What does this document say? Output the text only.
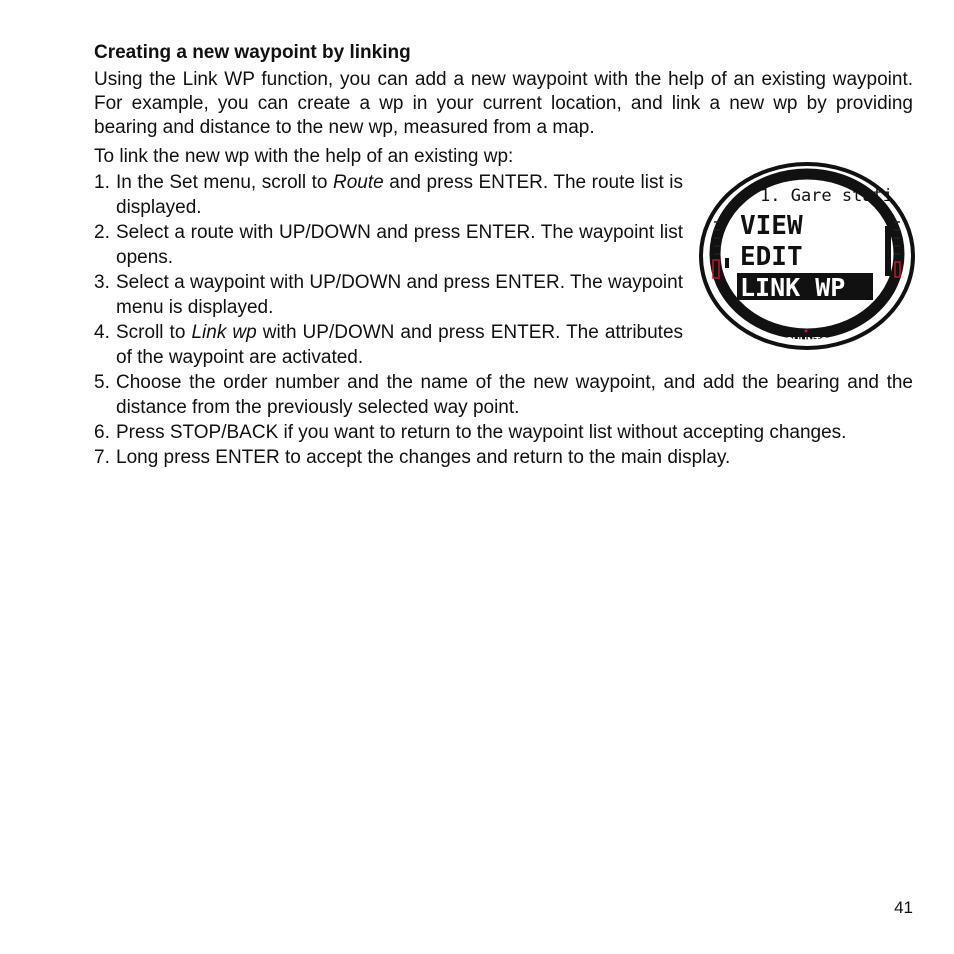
Creating a new waypoint by linking
Using the Link WP function, you can add a new waypoint with the help of an existing waypoint. For example, you can create a wp in your current location, and link a new wp by providing bearing and distance to the new wp, measured from a map.
To link the new wp with the help of an existing wp:
1. In the Set menu, scroll to Route and press ENTER. The route list is displayed.
2. Select a route with UP/DOWN and press ENTER. The waypoint list opens.
3. Select a waypoint with UP/DOWN and press ENTER. The waypoint menu is displayed.
4. Scroll to Link wp with UP/DOWN and press ENTER. The attributes of the waypoint are activated.
5. Choose the order number and the name of the new waypoint, and add the bearing and the distance from the previously selected way point.
6. Press STOP/BACK if you want to return to the waypoint list without accepting changes.
7. Long press ENTER to accept the changes and return to the main display.
1. Gare stati
VIEW
EDIT
LINK WP
SUUNTO
41
